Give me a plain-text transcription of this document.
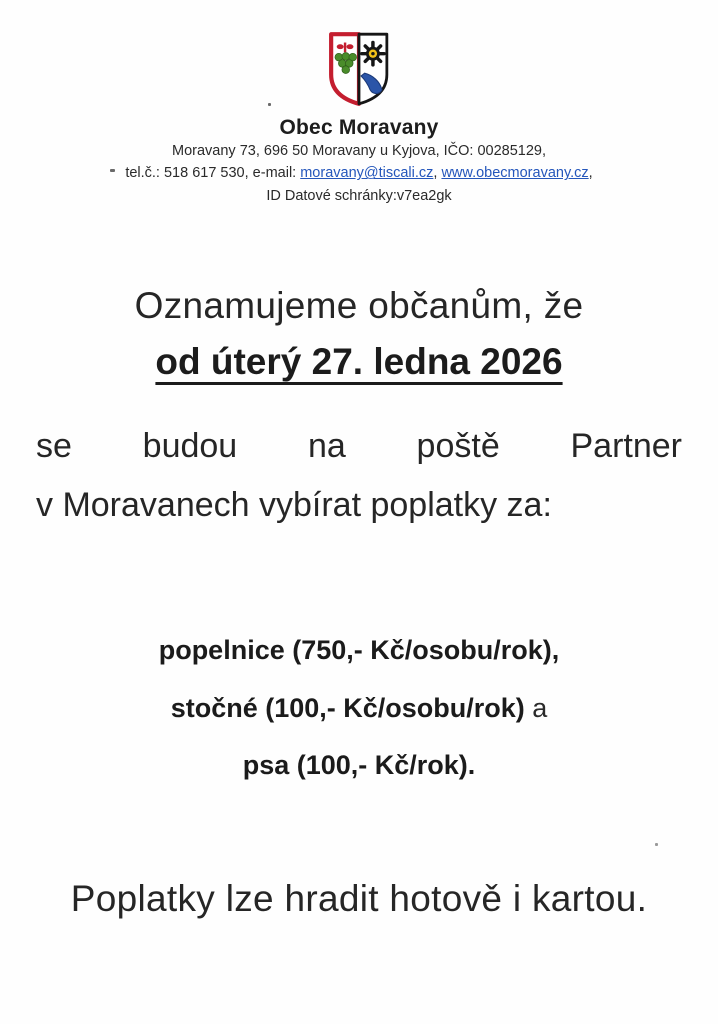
Obec Moravany
Moravany 73, 696 50 Moravany u Kyjova, IČO: 00285129,
tel.č.: 518 617 530, e-mail: moravany@tiscali.cz, www.obecmoravany.cz,
ID Datové schránky:v7ea2gk
Oznamujeme občanům, že
od úterý 27. ledna 2026
se budou na poště Partner
v Moravanech vybírat poplatky za:
popelnice (750,- Kč/osobu/rok),
stočné (100,- Kč/osobu/rok) a
psa (100,- Kč/rok).
Poplatky lze hradit hotově i kartou.
